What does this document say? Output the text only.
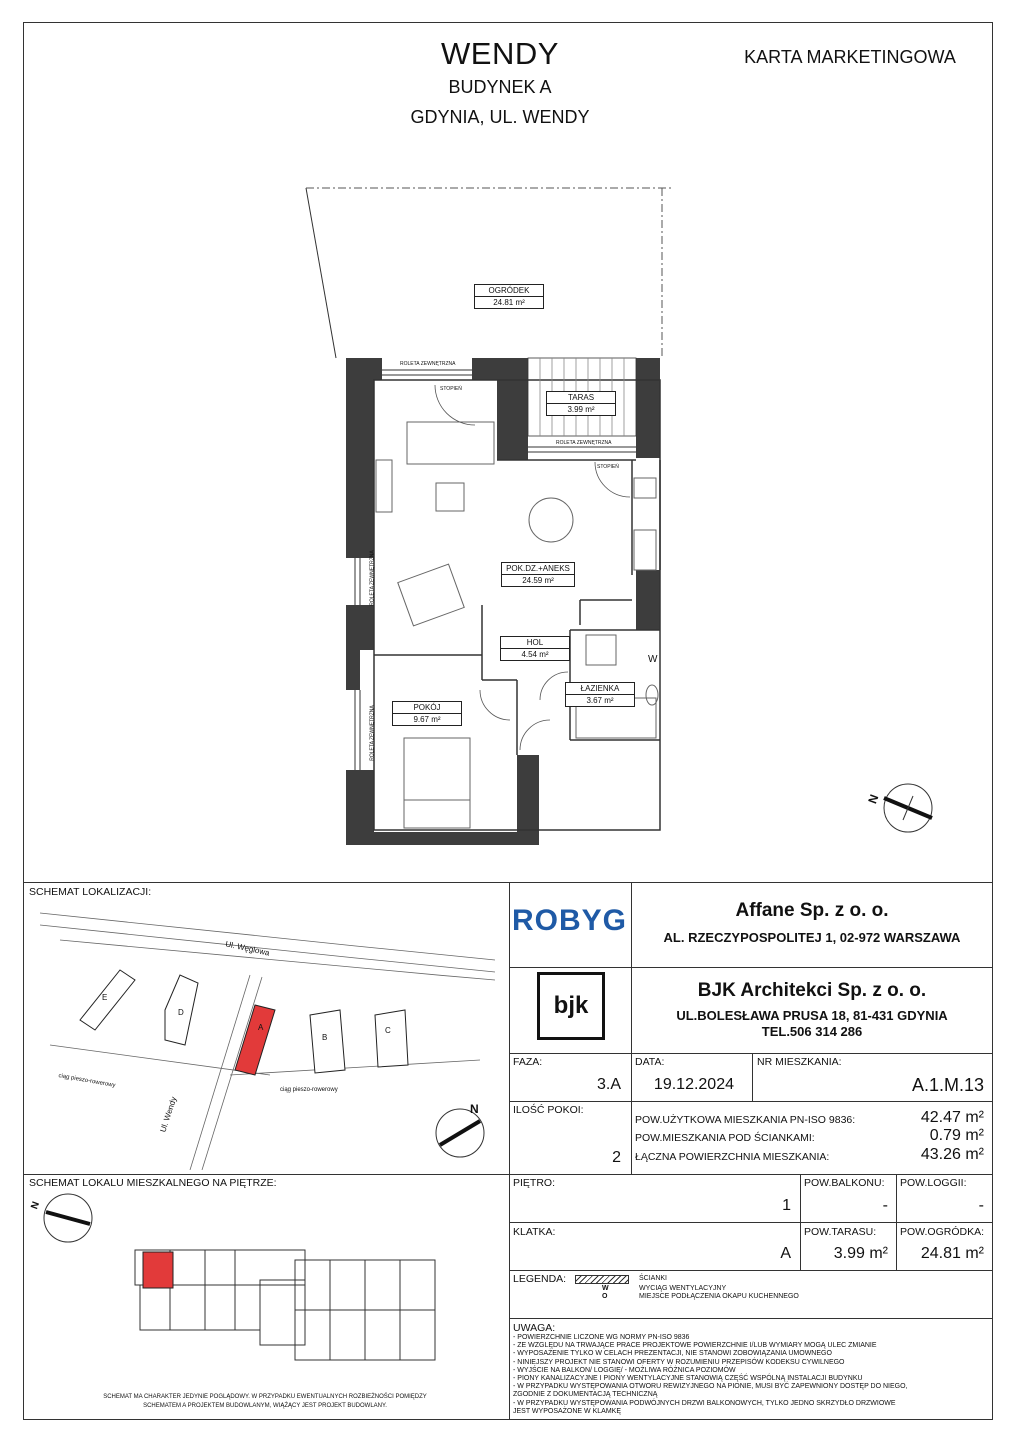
WENDY
BUDYNEK A
GDYNIA, UL. WENDY
KARTA MARKETINGOWA
OGRÓDEK
24.81 m²
TARAS
3.99 m²
POK.DZ.+ANEKS
24.59 m²
HOL
4.54 m²
ŁAZIENKA
3.67 m²
POKÓJ
9.67 m²
ROLETA ZEWNĘTRZNA
STOPIEŃ
ROLETA ZEWNĘTRZNA
STOPIEŃ
ROLETA ZEWNĘTRZNA
ROLETA ZEWNĘTRZNA
W
N
SCHEMAT LOKALIZACJI:
E
D
A
B
C
Ul. Węglowa
Ul. Wendy
ciąg pieszo-rowerowy
ciąg pieszo-rowerowy
N
SCHEMAT LOKALU MIESZKALNEGO NA PIĘTRZE:
N
SCHEMAT MA CHARAKTER JEDYNIE POGLĄDOWY. W PRZYPADKU EWENTUALNYCH ROZBIEŻNOŚCI POMIĘDZY
SCHEMATEM A PROJEKTEM BUDOWLANYM, WIĄŻĄCY JEST PROJEKT BUDOWLANY.
ROBYG	Affane Sp. z o. o.
AL. RZECZYPOSPOLITEJ 1, 02-972 WARSZAWA
bjk
BJK Architekci Sp. z o. o.
UL.BOLESŁAWA PRUSA 18, 81-431 GDYNIA
TEL.506 314 286
FAZA:
3.A
DATA:
19.12.2024
NR MIESZKANIA:
A.1.M.13
ILOŚĆ POKOI:
2
POW.UŻYTKOWA MIESZKANIA PN-ISO 9836:	42.47 m²
POW.MIESZKANIA POD ŚCIANKAMI:	0.79 m²
ŁĄCZNA POWIERZCHNIA MIESZKANIA:	43.26 m²
PIĘTRO:
1
POW.BALKONU:
-
POW.LOGGII:
-
KLATKA:
A
POW.TARASU:
3.99 m²
POW.OGRÓDKA:
24.81 m²
LEGENDA:	ŚCIANKI
W	WYCIĄG WENTYLACYJNY
O	MIEJSCE PODŁĄCZENIA OKAPU KUCHENNEGO
UWAGA:
- POWIERZCHNIE LICZONE WG NORMY PN-ISO 9836
- ZE WZGLĘDU NA TRWAJĄCE PRACE PROJEKTOWE POWIERZCHNIE I/LUB WYMIARY MOGĄ ULEC ZMIANIE
- WYPOSAŻENIE TYLKO W CELACH PREZENTACJI, NIE STANOWI ZOBOWIĄZANIA UMOWNEGO
- NINIEJSZY PROJEKT NIE STANOWI OFERTY W ROZUMIENIU PRZEPISÓW KODEKSU CYWILNEGO
- WYJŚCIE NA BALKON/ LOGGIĘ/ - MOŻLIWA RÓŻNICA POZIOMÓW
- PIONY KANALIZACYJNE I PIONY WENTYLACYJNE STANOWIĄ CZĘŚĆ WSPÓLNĄ INSTALACJI BUDYNKU
- W PRZYPADKU WYSTĘPOWANIA OTWORU REWIZYJNEGO NA PIONIE, MUSI BYĆ ZAPEWNIONY DOSTĘP DO NIEGO,
ZGODNIE Z DOKUMENTACJĄ TECHNICZNĄ
- W PRZYPADKU WYSTĘPOWANIA PODWÓJNYCH DRZWI BALKONOWYCH, TYLKO JEDNO SKRZYDŁO DRZWIOWE
JEST WYPOSAŻONE W KLAMKĘ
